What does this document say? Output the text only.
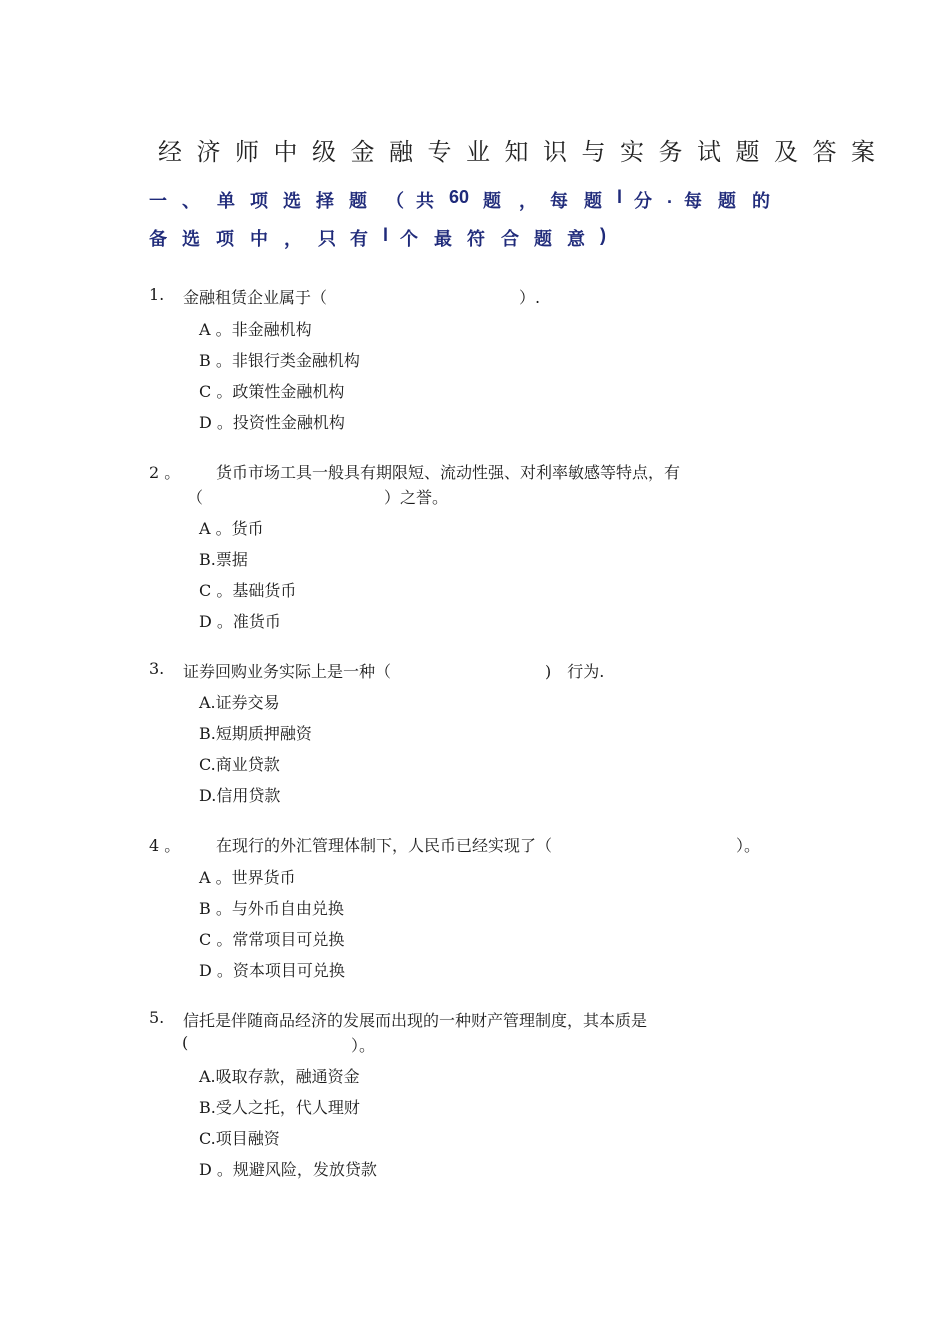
经济师中级金融专业知识与实务试题及答案
一 、 单 项 选 择 题 （ 共 60 题 ， 每 题 l 分 . 每 题 的
备 选 项 中 ， 只 有 l 个 最 符 合 题 意 )
1. 金融租赁企业属于（	）.
A 。非金融机构
B 。非银行类金融机构
C 。政策性金融机构
D 。投资性金融机构
2 。 货币市场工具一般具有期限短、流动性强、对利率敏感等特点，有
（	）之誉。
A 。货币
B.票据
C 。基础货币
D 。准货币
3. 证券回购业务实际上是一种（	)　行为.
A.证券交易
B.短期质押融资
C.商业贷款
D.信用贷款
4 。 在现行的外汇管理体制下，人民币已经实现了（	）。
A 。世界货币
B 。与外币自由兑换
C 。常常项目可兑换
D 。资本项目可兑换
5. 信托是伴随商品经济的发展而出现的一种财产管理制度，其本质是
(	）。
A.吸取存款，融通资金
B.受人之托，代人理财
C.项目融资
D 。规避风险，发放贷款
